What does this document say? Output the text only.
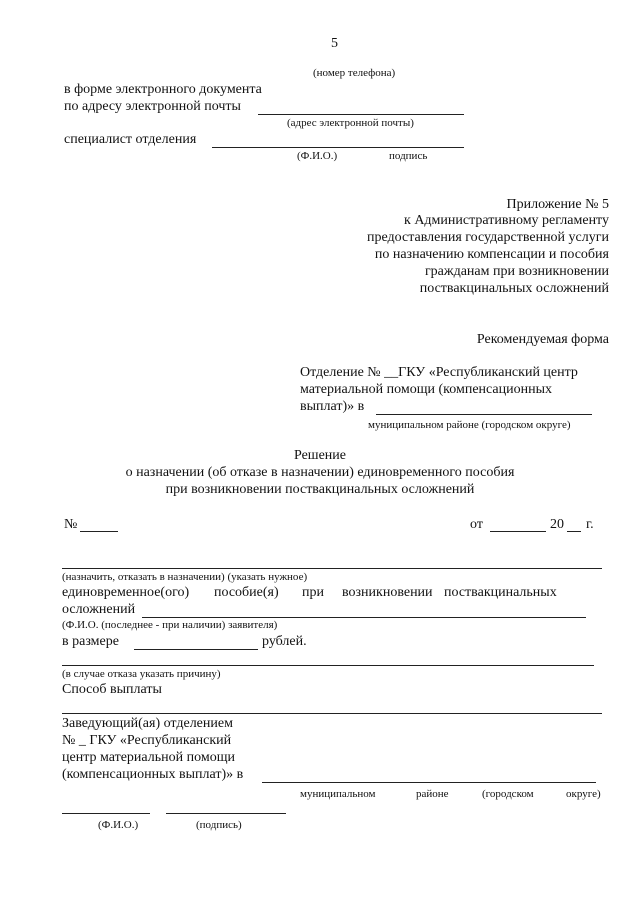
5
(номер телефона)
в форме электронного документа
по адресу электронной почты
(адрес электронной почты)
специалист отделения
(Ф.И.О.)	подпись
Приложение № 5
к Административному регламенту
предоставления государственной услуги
по назначению компенсации и пособия
гражданам при возникновении
поствакцинальных осложнений
Рекомендуемая форма
Отделение № __ГКУ «Республиканский центр
материальной помощи (компенсационных
выплат)» в
муниципальном районе (городском округе)
Решение
о назначении (об отказе в назначении) единовременного пособия
при возникновении поствакцинальных осложнений
№	от	20 г.
(назначить, отказать в назначении) (указать нужное)
единовременное(ого) пособие(я) при возникновении поствакцинальных
осложнений
(Ф.И.О. (последнее - при наличии) заявителя)
в размере	рублей.
(в случае отказа указать причину)
Способ выплаты
Заведующий(ая) отделением
№ _ ГКУ «Республиканский
центр материальной помощи
(компенсационных выплат)» в
муниципальном	районе	(городском	округе)
(Ф.И.О.)	(подпись)
